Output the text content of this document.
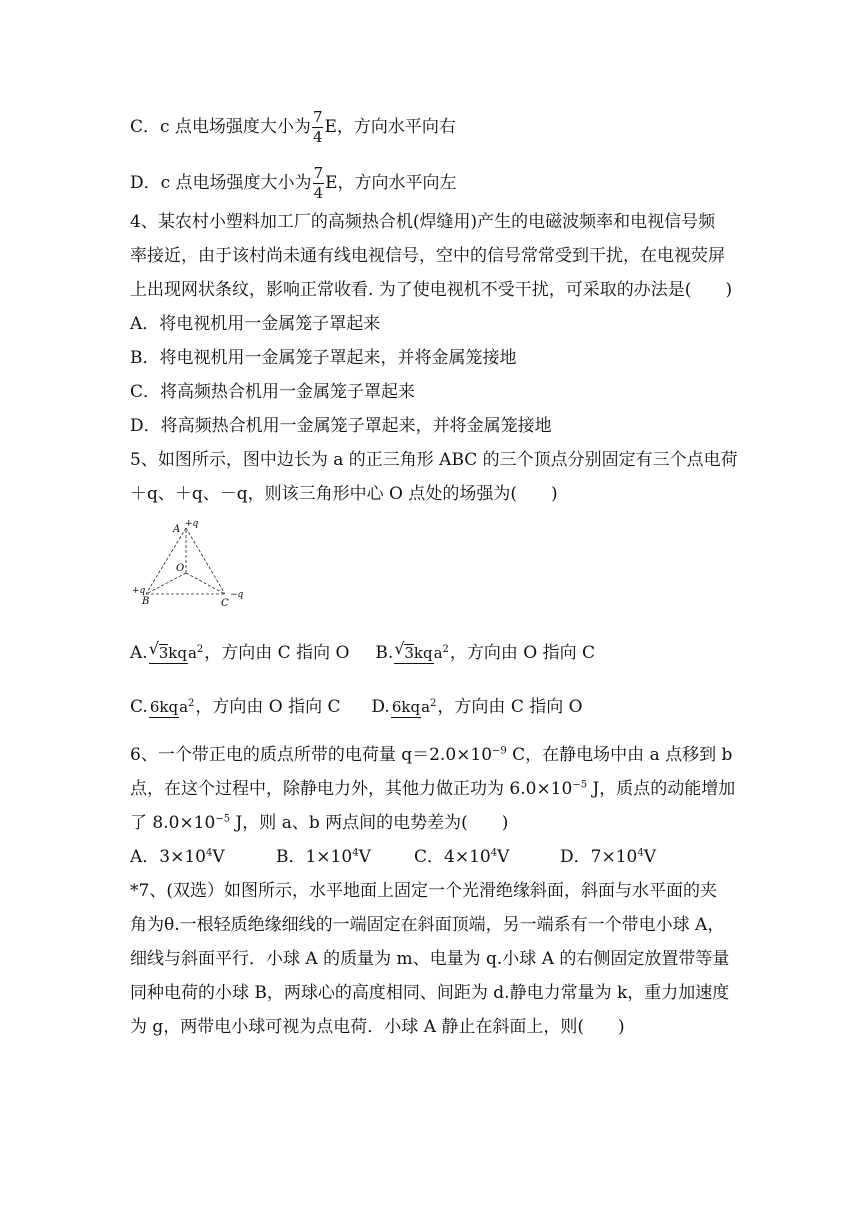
C．c 点电场强度大小为 $\frac{7}{4}$ E，方向水平向右
D．c 点电场强度大小为 $\frac{7}{4}$ E，方向水平向左
4、某农村小塑料加工厂的高频热合机(焊缝用)产生的电磁波频率和电视信号频
率接近，由于该村尚未通有线电视信号，空中的信号常常受到干扰，在电视荧屏
上出现网状条纹，影响正常收看. 为了使电视机不受干扰，可采取的办法是(　　)
A．将电视机用一金属笼子罩起来
B．将电视机用一金属笼子罩起来，并将金属笼接地
C．将高频热合机用一金属笼子罩起来
D．将高频热合机用一金属笼子罩起来，并将金属笼接地
5、如图所示，图中边长为 a 的正三角形 ABC 的三个顶点分别固定有三个点电荷
＋q、＋q、－q，则该三角形中心 O 点处的场强为(　　)
A +q
O
+q
B	C
−q
A. √ 3kqa$^2$，方向由 C 指向 O B. √ 3kqa$^2$，方向由 O 指向 C
C. 6kqa$^2$，方向由 O 指向 C D. 6kqa$^2$，方向由 C 指向 O
6、一个带正电的质点所带的电荷量 $q=2.0\times 10^{-9}$ C，在静电场中由 a 点移到 b
点，在这个过程中，除静电力外，其他力做正功为 $6.0\times 10^{-5}$ J，质点的动能增加
了 $8.0\times 10^{-5}$ J，则 a、b 两点间的电势差为(　　)
A．$3\times 10^4V$	B．$1\times 10^4V$	C．$4\times 10^4V$	D．$7\times 10^4V$
*7、(双选）如图所示，水平地面上固定一个光滑绝缘斜面，斜面与水平面的夹
角为θ.一根轻质绝缘细线的一端固定在斜面顶端，另一端系有一个带电小球 A，
细线与斜面平行．小球 A 的质量为 m、电量为 q.小球 A 的右侧固定放置带等量
同种电荷的小球 B，两球心的高度相同、间距为 d.静电力常量为 k，重力加速度
为 g，两带电小球可视为点电荷．小球 A 静止在斜面上，则(　　)
